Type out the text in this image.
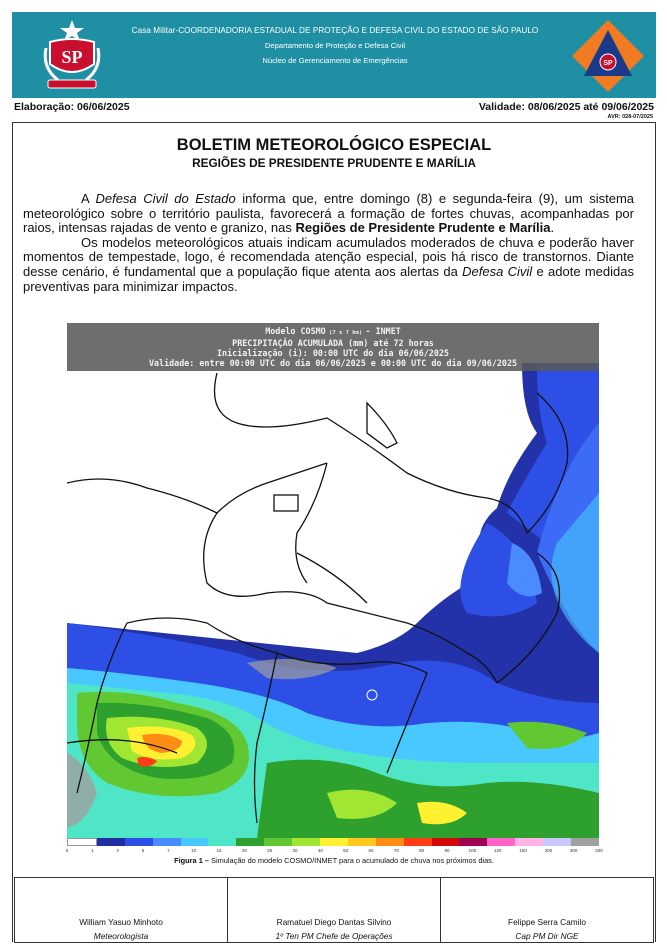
SP
Casa Militar-COORDENADORIA ESTADUAL DE PROTEÇÃO E DEFESA CIVIL DO ESTADO DE SÃO PAULO
Departamento de Proteção e Defesa Civil
Núcleo de Gerenciamento de Emergências	SP
Elaboração: 06/06/2025	Validade: 08/06/2025 até 09/06/2025
AVR: 028-07/2025
BOLETIM METEOROLÓGICO ESPECIAL
REGIÕES DE PRESIDENTE PRUDENTE E MARÍLIA

A Defesa Civil do Estado informa que, entre domingo (8) e segunda-feira (9), um sistema meteorológico sobre o território paulista, favorecerá a formação de fortes chuvas, acompanhadas por raios, intensas rajadas de vento e granizo, nas Regiões de Presidente Prudente e Marília.

Os modelos meteorológicos atuais indicam acumulados moderados de chuva e poderão haver momentos de tempestade, logo, é recomendada atenção especial, pois há risco de transtornos. Diante desse cenário, é fundamental que a população fique atenta aos alertas da Defesa Civil e adote medidas preventivas para minimizar impactos.

Modelo COSMO (7 x 7 km) - INMET
PRECIPITAÇÃO ACUMULADA (mm) até 72 horas
Inicialização (i): 00:00 UTC do dia 06/06/2025
Validade: entre 00:00 UTC do dia 06/06/2025 e 00:00 UTC do dia 09/06/2025
0	1	3	5	7	10	15	20	25	30	40	50	60	70	80	90	100	120	150	200	300	400
Figura 1 – Simulação do modelo COSMO/INMET para o acumulado de chuva nos próximos dias.
William Yasuo Minhoto
Meteorologista
Ramatuel Diego Dantas Silvino
1º Ten PM Chefe de Operações
Felippe Serra Camilo
Cap PM Dir NGE
